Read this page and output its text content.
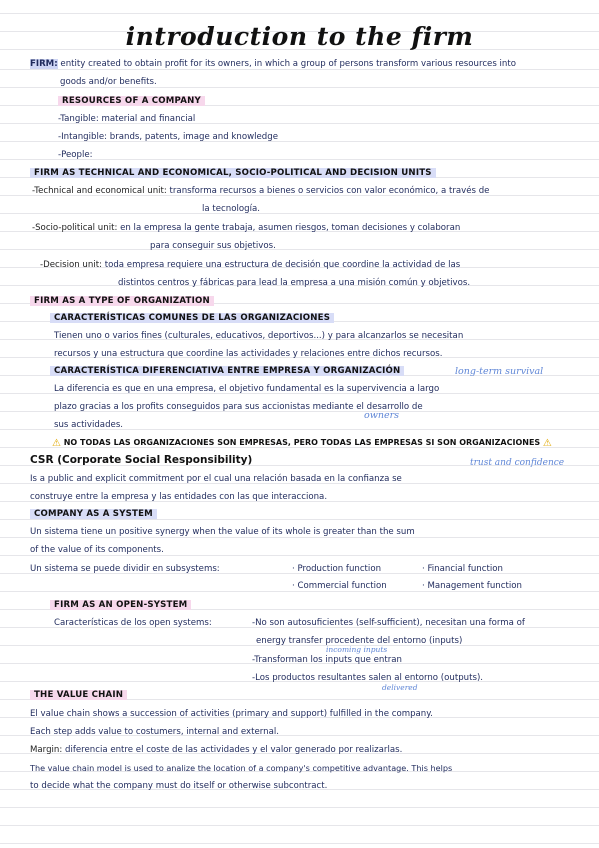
introduction to the firm
FIRM: entity created to obtain profit for its owners, in which a group of persons transform various resources into
goods and/or benefits.
RESOURCES OF A COMPANY
-Tangible: material and financial
-Intangible: brands, patents, image and knowledge
-People:
FIRM AS TECHNICAL AND ECONOMICAL, SOCIO-POLITICAL AND DECISION UNITS
-Technical and economical unit: transforma recursos a bienes o servicios con valor económico, a través de
la tecnología.
-Socio-political unit: en la empresa la gente trabaja, asumen riesgos, toman decisiones y colaboran
para conseguir sus objetivos.
-Decision unit: toda empresa requiere una estructura de decisión que coordine la actividad de las
distintos centros y fábricas para lead la empresa a una misión común y objetivos.
FIRM AS A TYPE OF ORGANIZATION
CARACTERÍSTICAS COMUNES DE LAS ORGANIZACIONES
Tienen uno o varios fines (culturales, educativos, deportivos...) y para alcanzarlos se necesitan
recursos y una estructura que coordine las actividades y relaciones entre dichos recursos.
CARACTERÍSTICA DIFERENCIATIVA ENTRE EMPRESA Y ORGANIZACIÓN	long-term survival
La diferencia es que en una empresa, el objetivo fundamental es la supervivencia a largo
plazo gracias a los profits conseguidos para sus accionistas mediante el desarrollo de
owners
sus actividades.
⚠ NO TODAS LAS ORGANIZACIONES SON EMPRESAS, PERO TODAS LAS EMPRESAS SI SON ORGANIZACIONES ⚠
CSR (Corporate Social Responsibility)	trust and confidence
Is a public and explicit commitment por el cual una relación basada en la confianza se
construye entre la empresa y las entidades con las que interacciona.
COMPANY AS A SYSTEM
Un sistema tiene un positive synergy when the value of its whole is greater than the sum
of the value of its components.
Un sistema se puede dividir en subsystems:	· Production function	· Financial function
· Commercial function	· Management function
FIRM AS AN OPEN-SYSTEM
Características de los open systems:	-No son autosuficientes (self-sufficient), necesitan una forma of
energy transfer procedente del entorno (inputs)
incoming inputs
-Transforman los inputs que entran
-Los productos resultantes salen al entorno (outputs).
delivered
THE VALUE CHAIN
El value chain shows a succession of activities (primary and support) fulfilled in the company.
Each step adds value to costumers, internal and external.
Margin: diferencia entre el coste de las actividades y el valor generado por realizarlas.
The value chain model is used to analize the location of a company's competitive advantage. This helps
to decide what the company must do itself or otherwise subcontract.
